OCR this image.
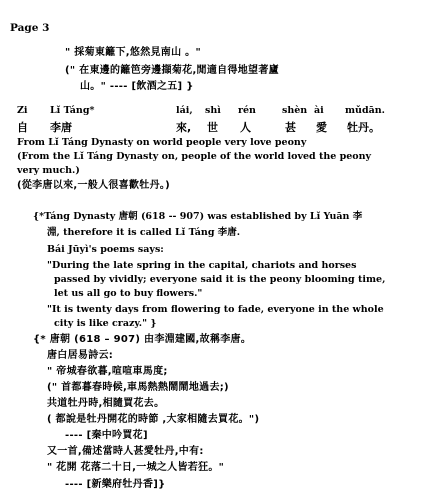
Page 3
" 採菊東籬下,悠然見南山 。"
(" 在東邊的籬笆旁邊擷菊花,閒適自得地望著廬
山。" ---- [飲酒之五] }
Zi Lǐ Táng*	lái, shì rén	shèn ài mǔdān.
自 李唐	來, 世 人	甚 愛 牡丹。
From Lǐ Táng Dynasty on world people very love peony
(From the Lǐ Táng Dynasty on, people of the world loved the peony
very much.)
(從李唐以來,一般人很喜歡牡丹。)
{*Táng Dynasty 唐朝 (618 -- 907) was established by Lǐ Yuān 李
淵, therefore it is called Lǐ Táng 李唐.
Bái Jūyì's poems says:
"During the late spring in the capital, chariots and horses
passed by vividly; everyone said it is the peony blooming time,
let us all go to buy flowers."
"It is twenty days from flowering to fade, everyone in the whole
city is like crazy." }
{* 唐朝 (618 – 907) 由李淵建國,故稱李唐。
唐白居易詩云:
" 帝城春欲暮,喧喧車馬度;
(" 首都暮春時候,車馬熱熱鬧鬧地過去;)
共道牡丹時,相隨買花去。
( 都說是牡丹開花的時節 ,大家相隨去買花。")
---- [秦中吟買花]
又一首,備述當時人甚愛牡丹,中有:
" 花開 花落二十日,一城之人皆若狂。"
---- [新樂府牡丹香]}
